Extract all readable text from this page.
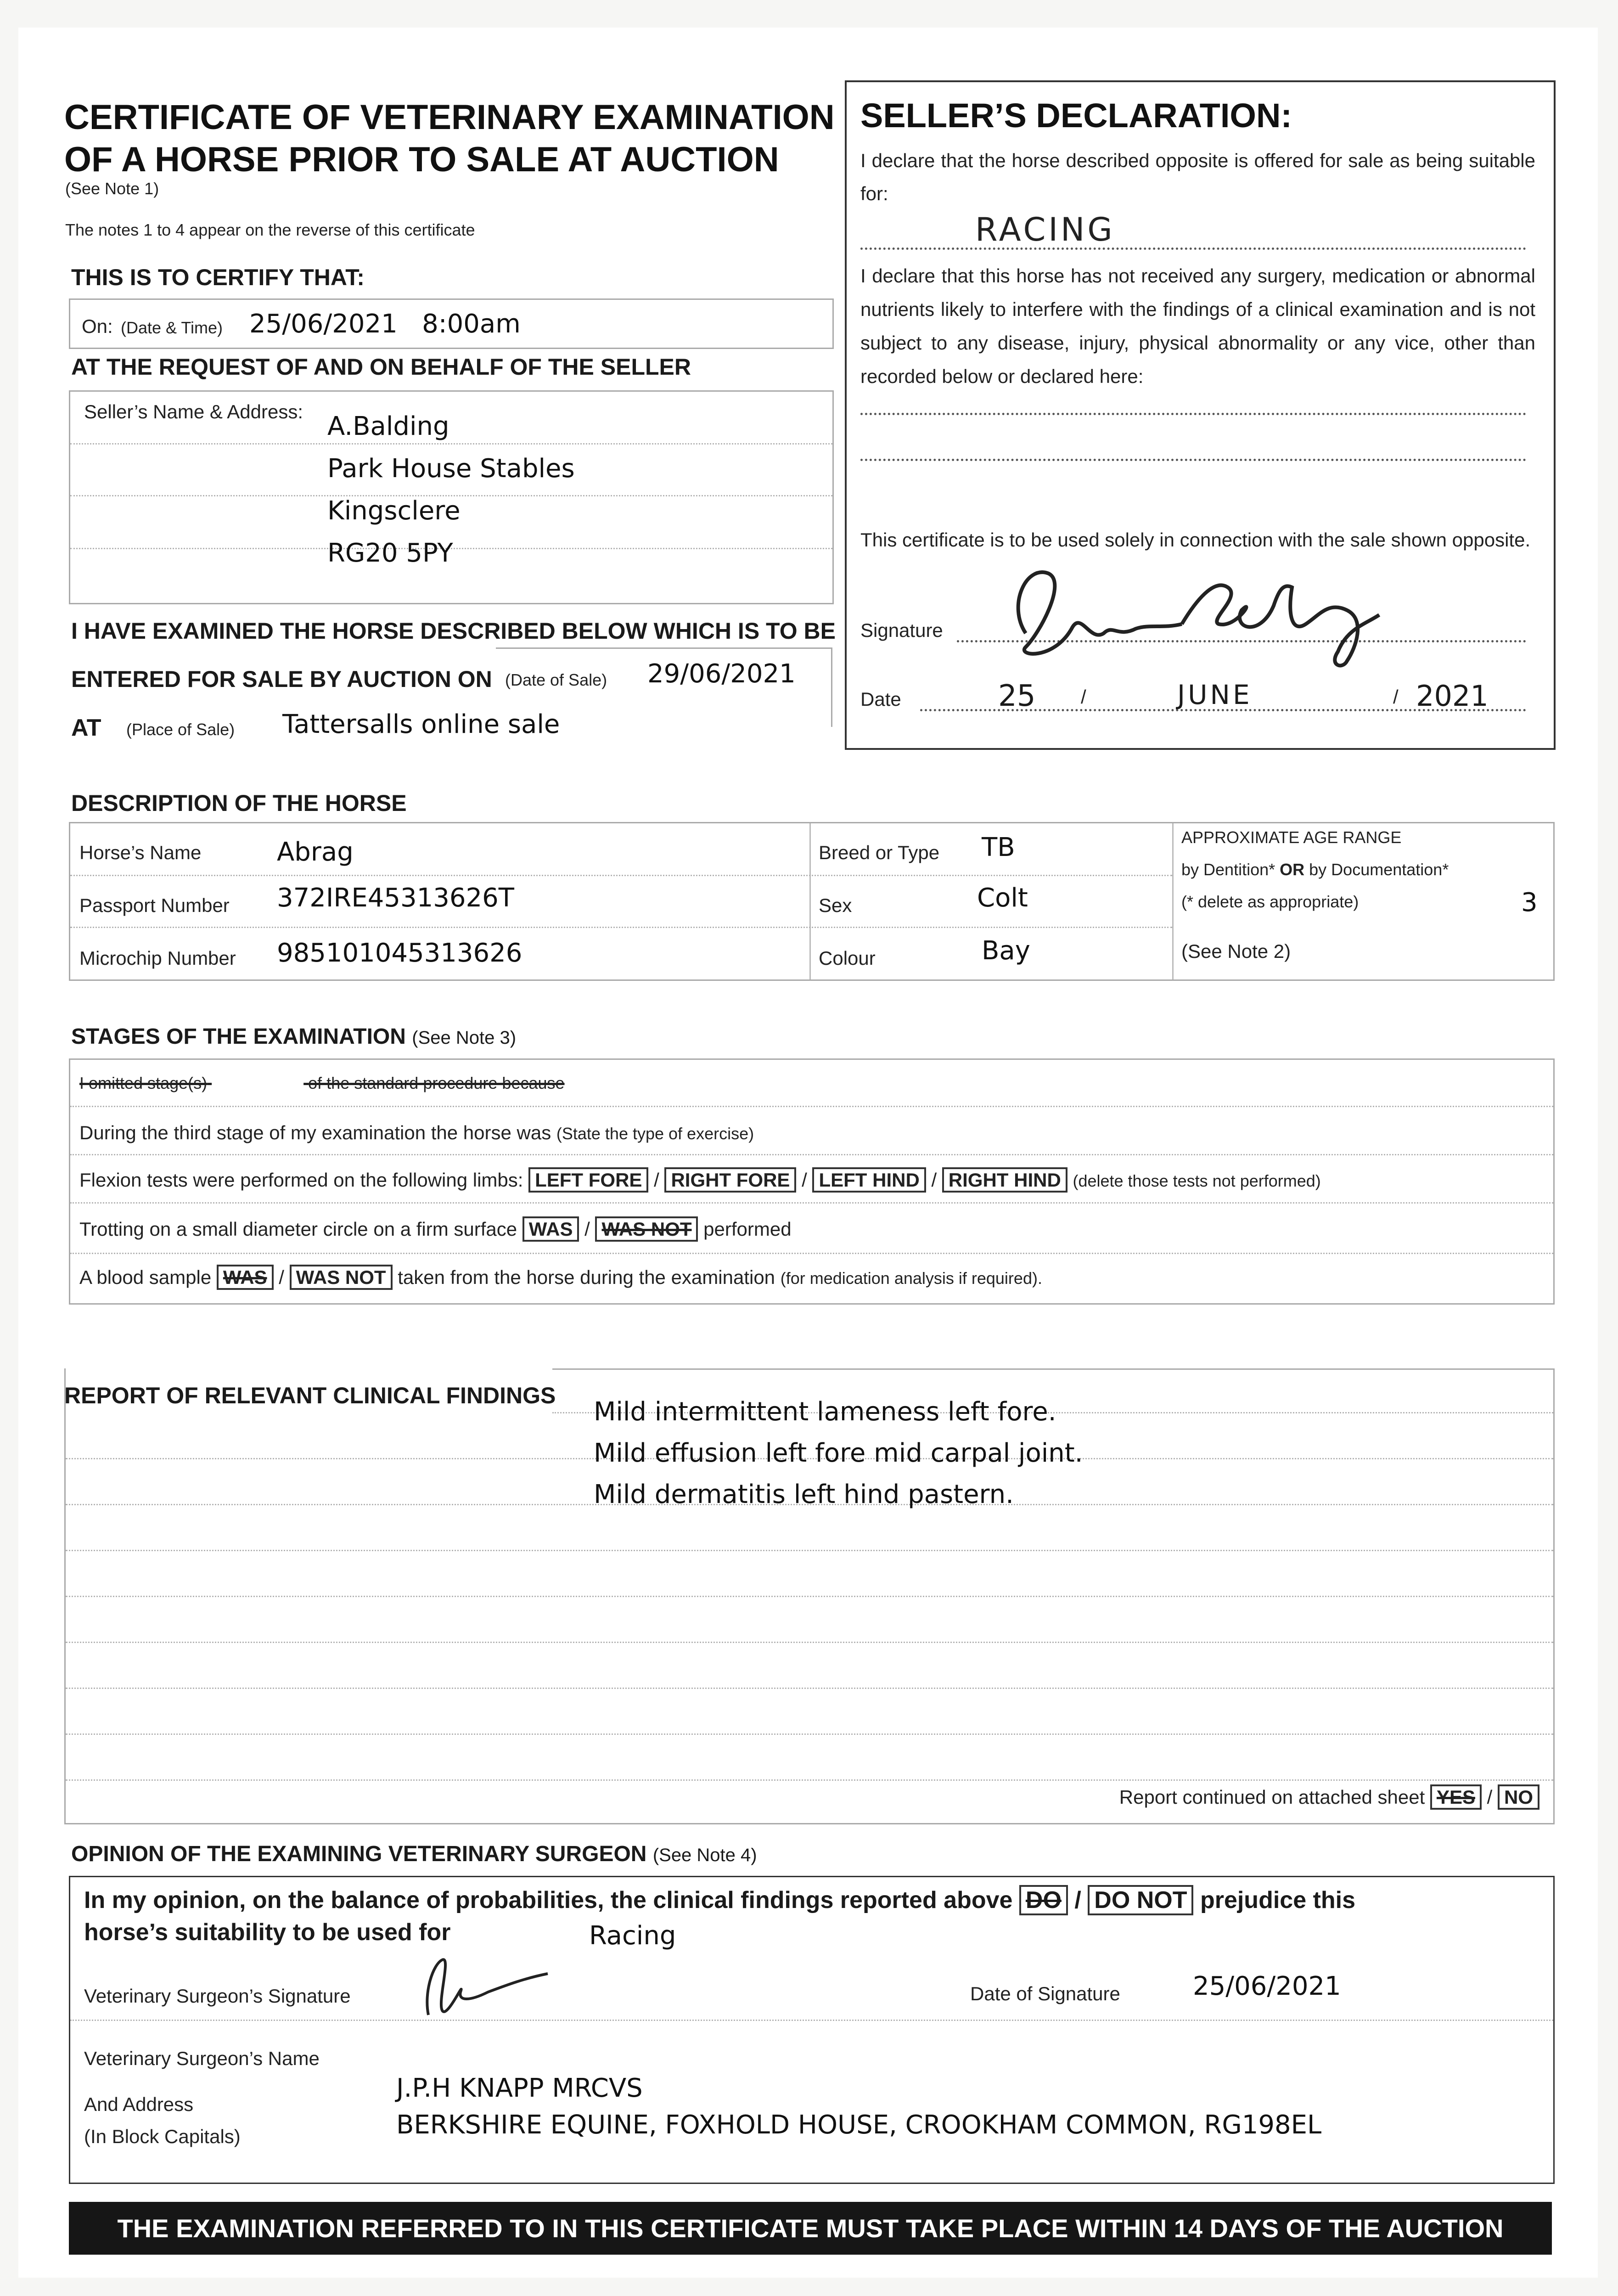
CERTIFICATE OF VETERINARY EXAMINATION
OF A HORSE PRIOR TO SALE AT AUCTION
(See Note 1)
The notes 1 to 4 appear on the reverse of this certificate
THIS IS TO CERTIFY THAT:
On: (Date & Time) 25/06/2021   8:00am
AT THE REQUEST OF AND ON BEHALF OF THE SELLER
Seller’s Name & Address: A.Balding
Park House Stables
Kingsclere
RG20 5PY
I HAVE EXAMINED THE HORSE DESCRIBED BELOW WHICH IS TO BE
ENTERED FOR SALE BY AUCTION ON (Date of Sale) 29/06/2021
AT (Place of Sale) Tattersalls online sale
SELLER’S DECLARATION:
I declare that the horse described opposite is offered for sale as being suitable for:
RACING
I declare that this horse has not received any surgery, medication or abnormal nutrients likely to interfere with the findings of a clinical examination and is not subject to any disease, injury, physical abnormality or any vice, other than recorded below or declared here:
This certificate is to be used solely in connection with the sale shown opposite.
Signature
Date	25 /	JUNE	/ 2021
DESCRIPTION OF THE HORSE
Horse’s Name	Abrag
Passport Number 372IRE45313626T
Microchip Number 985101045313626
Breed or Type TB
Sex	Colt
Colour	Bay
APPROXIMATE AGE RANGE
by Dentition* OR by Documentation*
(* delete as appropriate)	3
(See Note 2)
STAGES OF THE EXAMINATION (See Note 3)
I omitted stage(s)	of the standard procedure because
During the third stage of my examination the horse was (State the type of exercise)
Flexion tests were performed on the following limbs: LEFT FORE / RIGHT FORE / LEFT HIND / RIGHT HIND (delete those tests not performed)
Trotting on a small diameter circle on a firm surface WAS / WAS NOT performed
A blood sample WAS / WAS NOT taken from the horse during the examination (for medication analysis if required).
REPORT OF RELEVANT CLINICAL FINDINGS
Mild intermittent lameness left fore.
Mild effusion left fore mid carpal joint.
Mild dermatitis left hind pastern.
Report continued on attached sheet YES / NO
OPINION OF THE EXAMINING VETERINARY SURGEON (See Note 4)
In my opinion, on the balance of probabilities, the clinical findings reported above DO / DO NOT prejudice this
horse’s suitability to be used for	Racing
Veterinary Surgeon’s Signature	Date of Signature	25/06/2021
Veterinary Surgeon’s Name
And Address
(In Block Capitals)
J.P.H KNAPP MRCVS
BERKSHIRE EQUINE, FOXHOLD HOUSE, CROOKHAM COMMON, RG198EL
THE EXAMINATION REFERRED TO IN THIS CERTIFICATE MUST TAKE PLACE WITHIN 14 DAYS OF THE AUCTION
